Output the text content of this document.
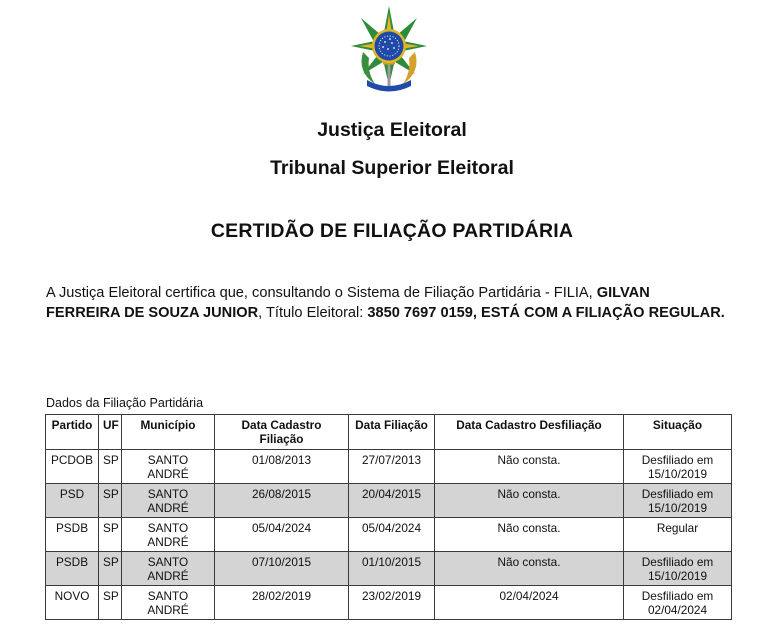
Justiça Eleitoral

Tribunal Superior Eleitoral

CERTIDÃO DE FILIAÇÃO PARTIDÁRIA

A Justiça Eleitoral certifica que, consultando o Sistema de Filiação Partidária - FILIA, GILVAN FERREIRA DE SOUZA JUNIOR, Título Eleitoral: 3850 7697 0159, ESTÁ COM A FILIAÇÃO REGULAR.

Dados da Filiação Partidária

Partido	UF	Município	Data Cadastro Filiação	Data Filiação	Data Cadastro Desfiliação	Situação
PCDOB	SP	SANTO ANDRÉ	01/08/2013	27/07/2013	Não consta.	Desfiliado em 15/10/2019
PSD	SP	SANTO ANDRÉ	26/08/2015	20/04/2015	Não consta.	Desfiliado em 15/10/2019
PSDB	SP	SANTO ANDRÉ	05/04/2024	05/04/2024	Não consta.	Regular
PSDB	SP	SANTO ANDRÉ	07/10/2015	01/10/2015	Não consta.	Desfiliado em 15/10/2019
NOVO	SP	SANTO ANDRÉ	28/02/2019	23/02/2019	02/04/2024	Desfiliado em 02/04/2024
